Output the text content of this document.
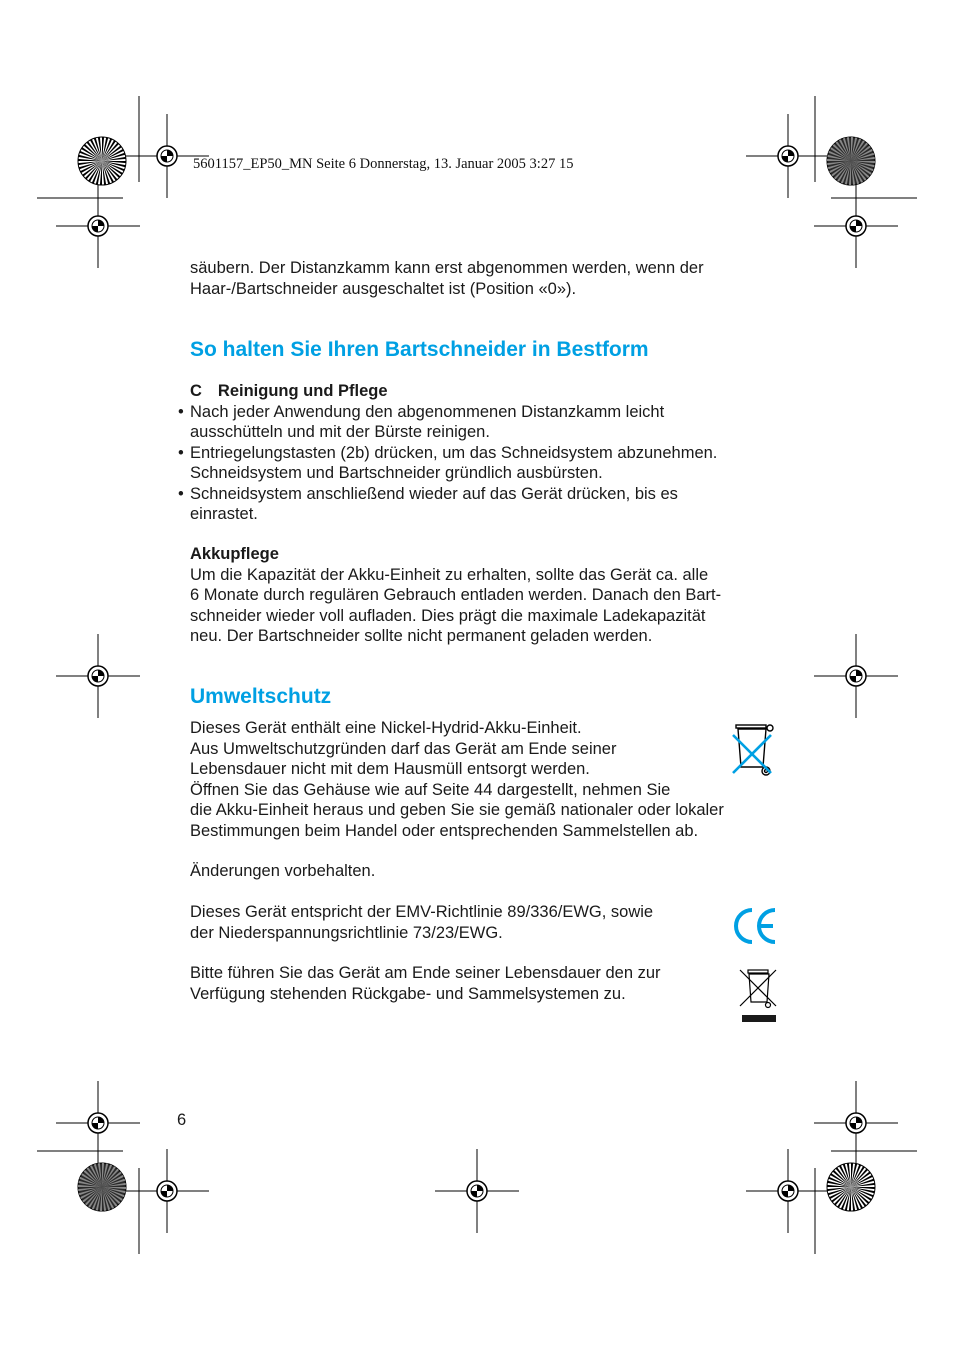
5601157_EP50_MN Seite 6 Donnerstag, 13. Januar 2005 3:27 15
säubern. Der Distanzkamm kann erst abgenommen werden, wenn der
Haar-/Bartschneider ausgeschaltet ist (Position «0»).
So halten Sie Ihren Bartschneider in Bestform
C Reinigung und Pflege
• Nach jeder Anwendung den abgenommenen Distanzkamm leicht
ausschütteln und mit der Bürste reinigen.
• Entriegelungstasten (2b) drücken, um das Schneidsystem abzunehmen.
Schneidsystem und Bartschneider gründlich ausbürsten.
• Schneidsystem anschließend wieder auf das Gerät drücken, bis es
einrastet.
Akkupflege
Um die Kapazität der Akku-Einheit zu erhalten, sollte das Gerät ca. alle
6 Monate durch regulären Gebrauch entladen werden. Danach den Bart-
schneider wieder voll aufladen. Dies prägt die maximale Ladekapazität
neu. Der Bartschneider sollte nicht permanent geladen werden.
Umweltschutz
Dieses Gerät enthält eine Nickel-Hydrid-Akku-Einheit.
Aus Umweltschutzgründen darf das Gerät am Ende seiner
Lebensdauer nicht mit dem Hausmüll entsorgt werden.
Öffnen Sie das Gehäuse wie auf Seite 44 dargestellt, nehmen Sie
die Akku-Einheit heraus und geben Sie sie gemäß nationaler oder lokaler
Bestimmungen beim Handel oder entsprechenden Sammelstellen ab.
Änderungen vorbehalten.
Dieses Gerät entspricht der EMV-Richtlinie 89/336/EWG, sowie
der Niederspannungsrichtlinie 73/23/EWG.
Bitte führen Sie das Gerät am Ende seiner Lebensdauer den zur
Verfügung stehenden Rückgabe- und Sammelsystemen zu.
6
